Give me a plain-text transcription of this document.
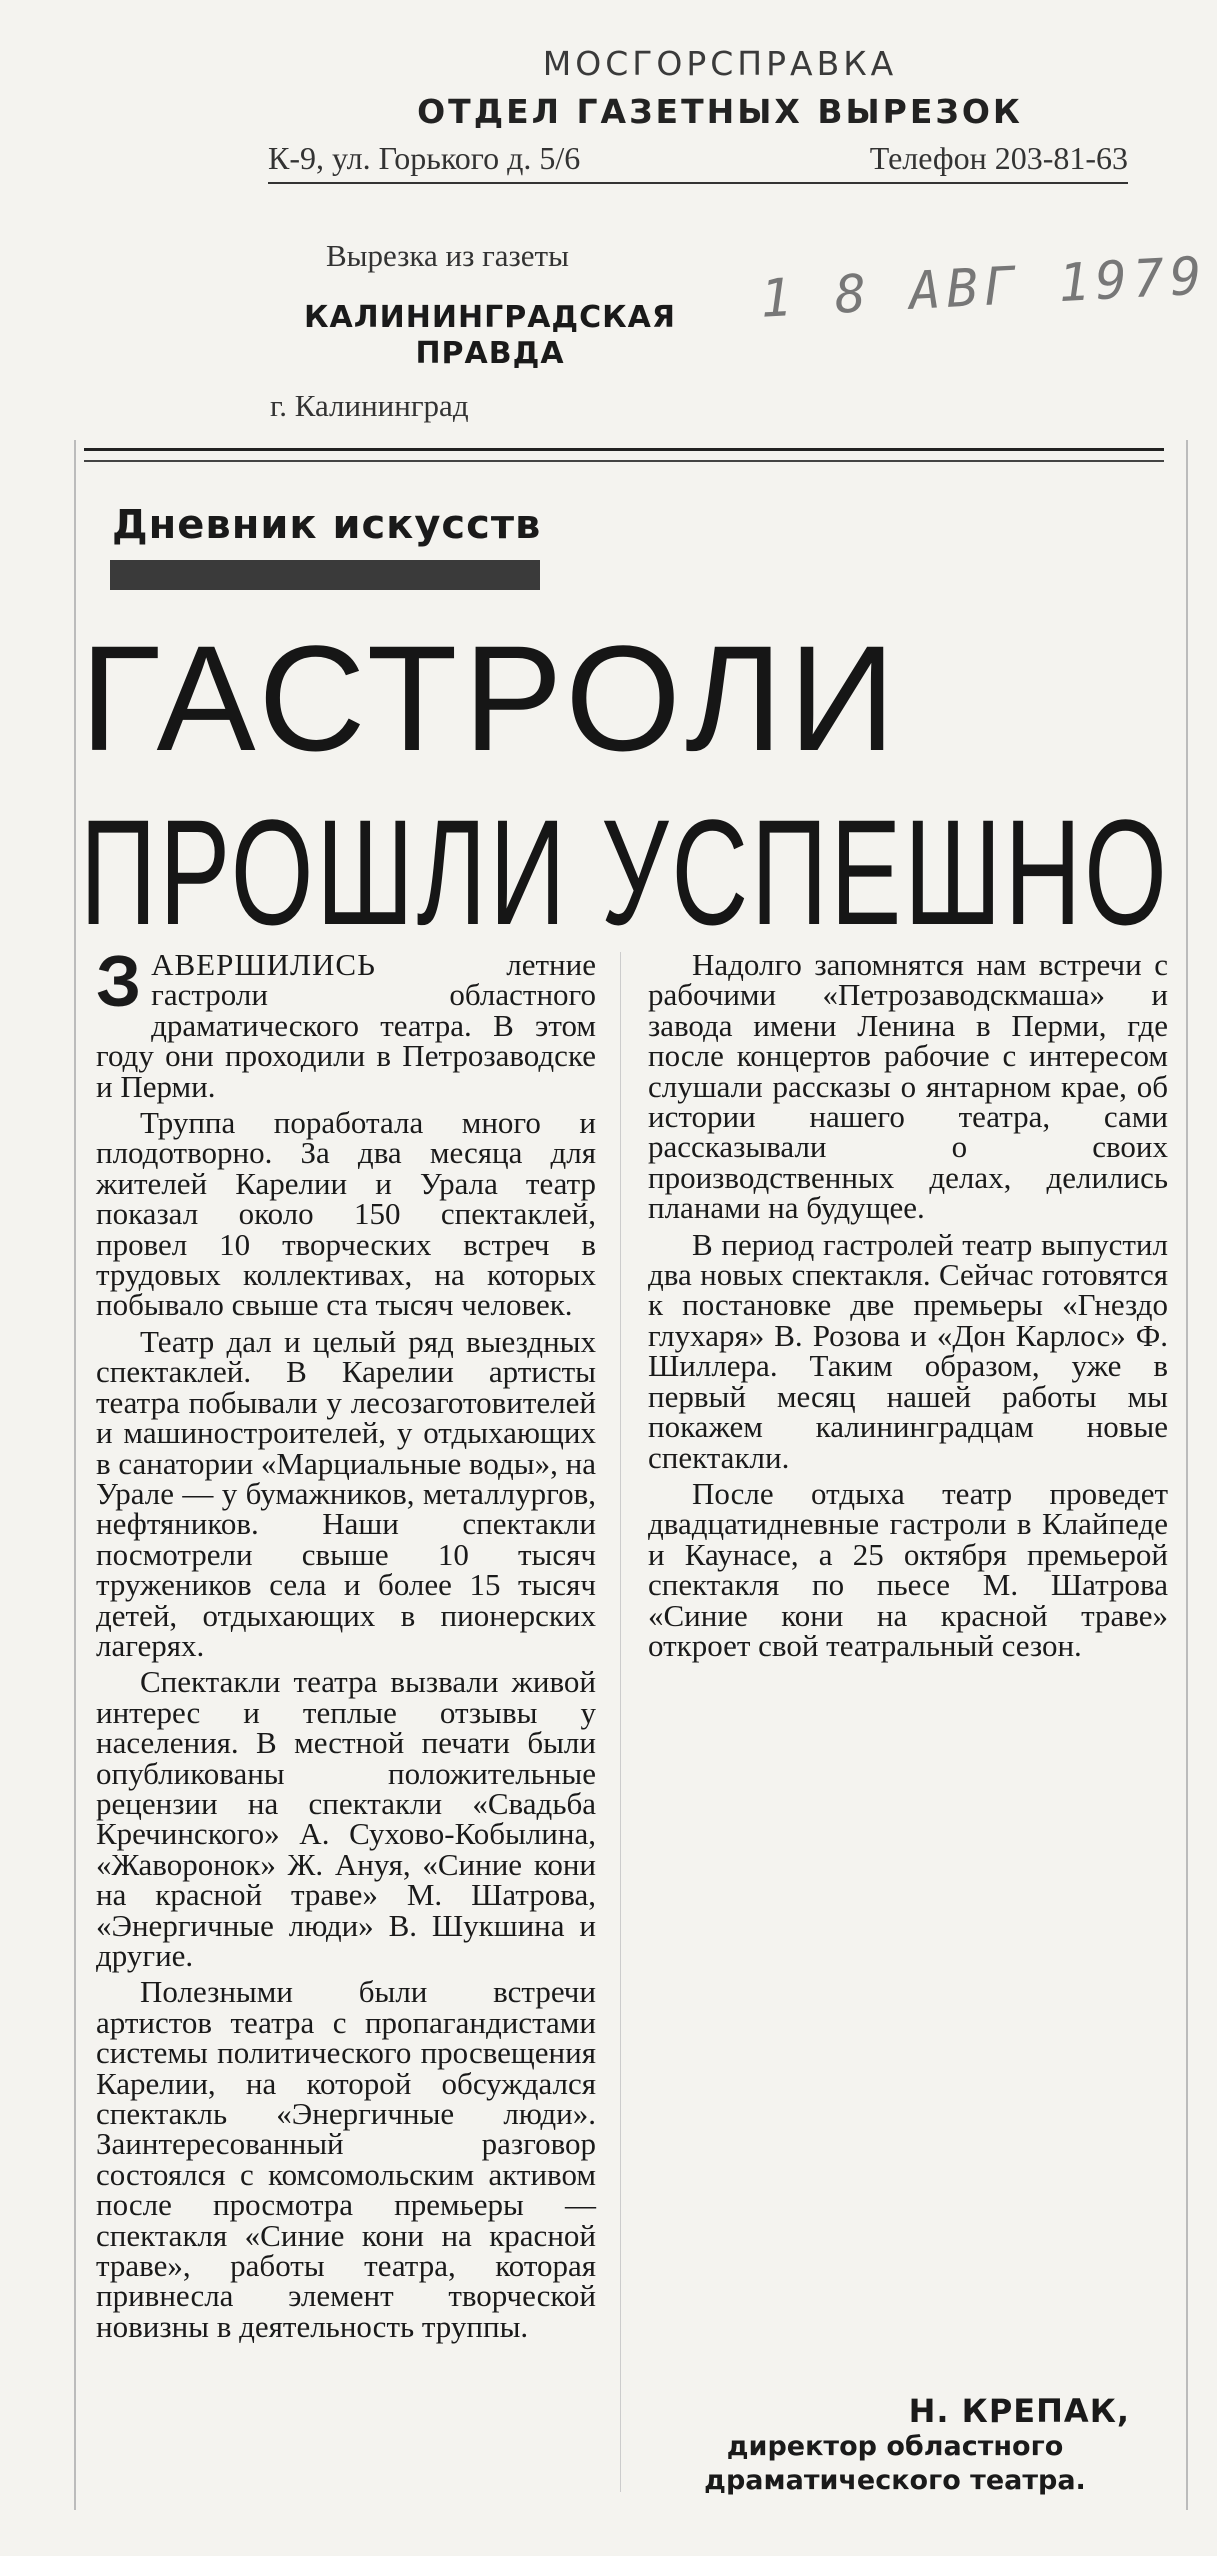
МОСГОРСПРАВКА
ОТДЕЛ ГАЗЕТНЫХ ВЫРЕЗОК
К-9, ул. Горького д. 5/6	Телефон 203-81-63
Вырезка из газеты
КАЛИНИНГРАДСКАЯ ПРАВДА
г. Калининград
1 8 АВГ 1979
Дневник искусств
ГАСТРОЛИ
ПРОШЛИ УСПЕШНО

ЗАВЕРШИЛИСЬ летние гастроли областного драматического театра. В этом году они проходили в Петрозаводске и Перми.

Труппа поработала много и плодотворно. За два месяца для жителей Карелии и Урала театр показал около 150 спектаклей, провел 10 творческих встреч в трудовых коллективах, на которых побывало свыше ста тысяч человек.

Театр дал и целый ряд выездных спектаклей. В Карелии артисты театра побывали у лесозаготовителей и машиностроителей, у отдыхающих в санатории «Марциальные воды», на Урале — у бумажников, металлургов, нефтяников. Наши спектакли посмотрели свыше 10 тысяч тружеников села и более 15 тысяч детей, отдыхающих в пионерских лагерях.

Спектакли театра вызвали живой интерес и теплые отзывы у населения. В местной печати были опубликованы положительные рецензии на спектакли «Свадьба Кречинского» А. Сухово-Кобылина, «Жаворонок» Ж. Ануя, «Синие кони на красной траве» М. Шатрова, «Энергичные люди» В. Шукшина и другие.

Полезными были встречи артистов театра с пропагандистами системы политического просвещения Карелии, на которой обсуждался спектакль «Энергичные люди». Заинтересованный разговор состоялся с комсомольским активом после просмотра премьеры — спектакля «Синие кони на красной траве», работы театра, которая привнесла элемент творческой новизны в деятельность труппы.

Надолго запомнятся нам встречи с рабочими «Петрозаводскмаша» и завода имени Ленина в Перми, где после концертов рабочие с интересом слушали рассказы о янтарном крае, об истории нашего театра, сами рассказывали о своих производственных делах, делились планами на будущее.

В период гастролей театр выпустил два новых спектакля. Сейчас готовятся к постановке две премьеры «Гнездо глухаря» В. Розова и «Дон Карлос» Ф. Шиллера. Таким образом, уже в первый месяц нашей работы мы покажем калининградцам новые спектакли.

После отдыха театр проведет двадцатидневные гастроли в Клайпеде и Каунасе, а 25 октября премьерой спектакля по пьесе М. Шатрова «Синие кони на красной траве» откроет свой театральный сезон.

Н. КРЕПАК,
директор областного драматического театра.
